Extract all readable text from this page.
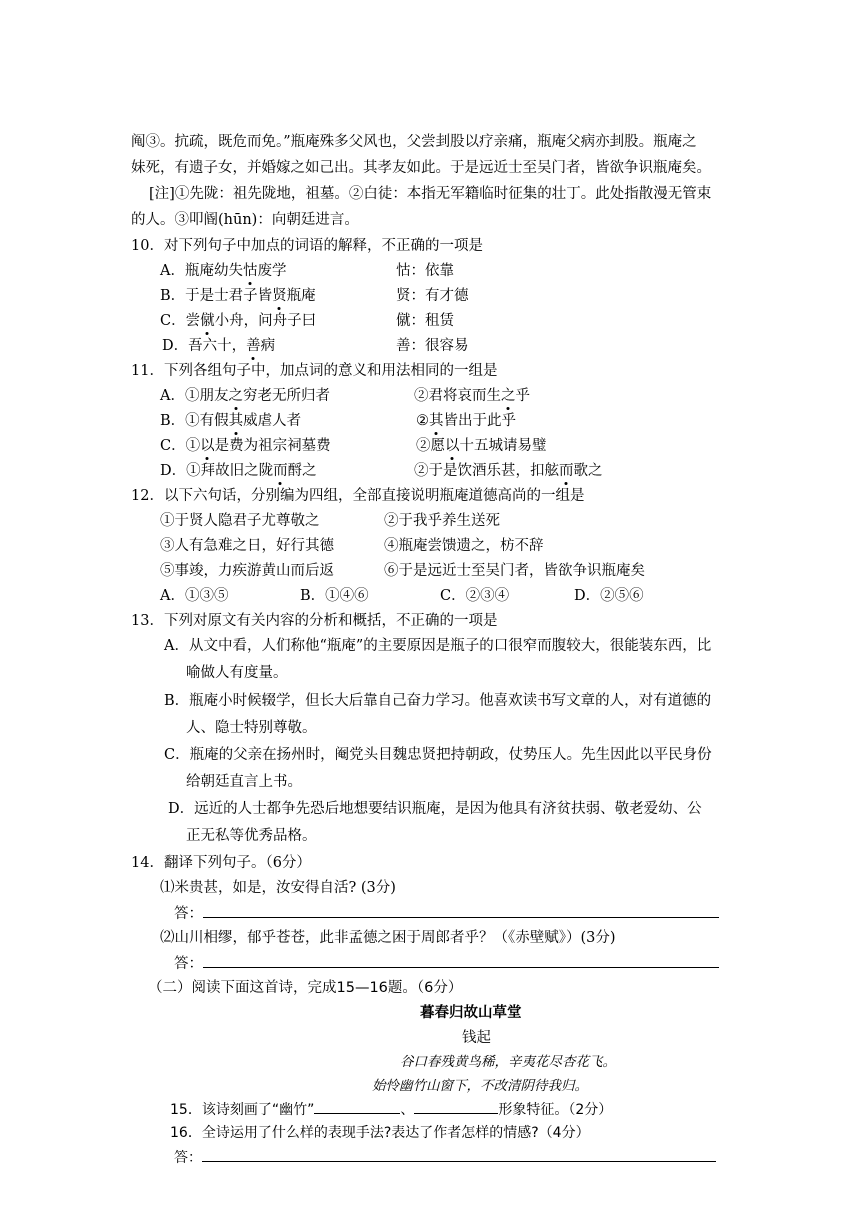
阄③。抗疏，既危而免。”瓶庵殊多父风也，父尝刲股以疗亲痛，瓶庵父病亦刲股。瓶庵之
妹死，有遗子女，并婚嫁之如己出。其孝友如此。于是远近士至吴门者，皆欲争识瓶庵矣。
[注]①先陇：祖先陇地，祖墓。②白徒：本指无军籍临时征集的壮丁。此处指散漫无管束
的人。③叩阍(hūn)：向朝廷进言。
10．对下列句子中加点的词语的解释，不正确的一项是
A．瓶庵幼失怙废学	怙：依靠
B．于是士君子皆贤瓶庵	贤：有才德
C．尝僦小舟，问舟子曰	僦：租赁
D．吾六十，善病	善：很容易
11．下列各组句子中，加点词的意义和用法相同的一组是
A．①朋友之穷老无所归者	②君将哀而生之乎
B．①有假其威虐人者	②其皆出于此乎
C．①以是费为祖宗祠墓费	②愿以十五城请易璧
D．①拜故旧之陇而酹之	②于是饮酒乐甚，扣舷而歌之
12．以下六句话，分别编为四组，全部直接说明瓶庵道德高尚的一组是
①于贤人隐君子尤尊敬之	②于我乎养生送死
③人有急难之日，好行其德	④瓶庵尝馈遗之，枋不辞
⑤事竣，力疾游黄山而后返	⑥于是远近士至吴门者，皆欲争识瓶庵矣
A．①③⑤	B．①④⑥	C．②③④	D．②⑤⑥
13．下列对原文有关内容的分析和概括，不正确的一项是
A．从文中看，人们称他“瓶庵”的主要原因是瓶子的口很窄而腹较大，很能装东西，比
喻做人有度量。
B．瓶庵小时候辍学，但长大后靠自己奋力学习。他喜欢读书写文章的人，对有道德的
人、隐士特别尊敬。
C．瓶庵的父亲在扬州时，阉党头目魏忠贤把持朝政，仗势压人。先生因此以平民身份
给朝廷直言上书。
D．远近的人士都争先恐后地想要结识瓶庵，是因为他具有济贫扶弱、敬老爱幼、公
正无私等优秀品格。
14．翻译下列句子。（6分）
⑴米贵甚，如是，汝安得自活? (3分)
答：
⑵山川相缪，郁乎苍苍，此非孟德之困于周郎者乎？（《赤壁赋》）(3分)
答：
（二）阅读下面这首诗，完成15—16题。（6分）
暮春归故山草堂
钱起
谷口春残黄鸟稀，辛夷花尽杏花飞。
始怜幽竹山窗下，不改清阴待我归。
15．该诗刻画了“幽竹”	、	形象特征。（2分）
16．全诗运用了什么样的表现手法?表达了作者怎样的情感?（4分）
答：
